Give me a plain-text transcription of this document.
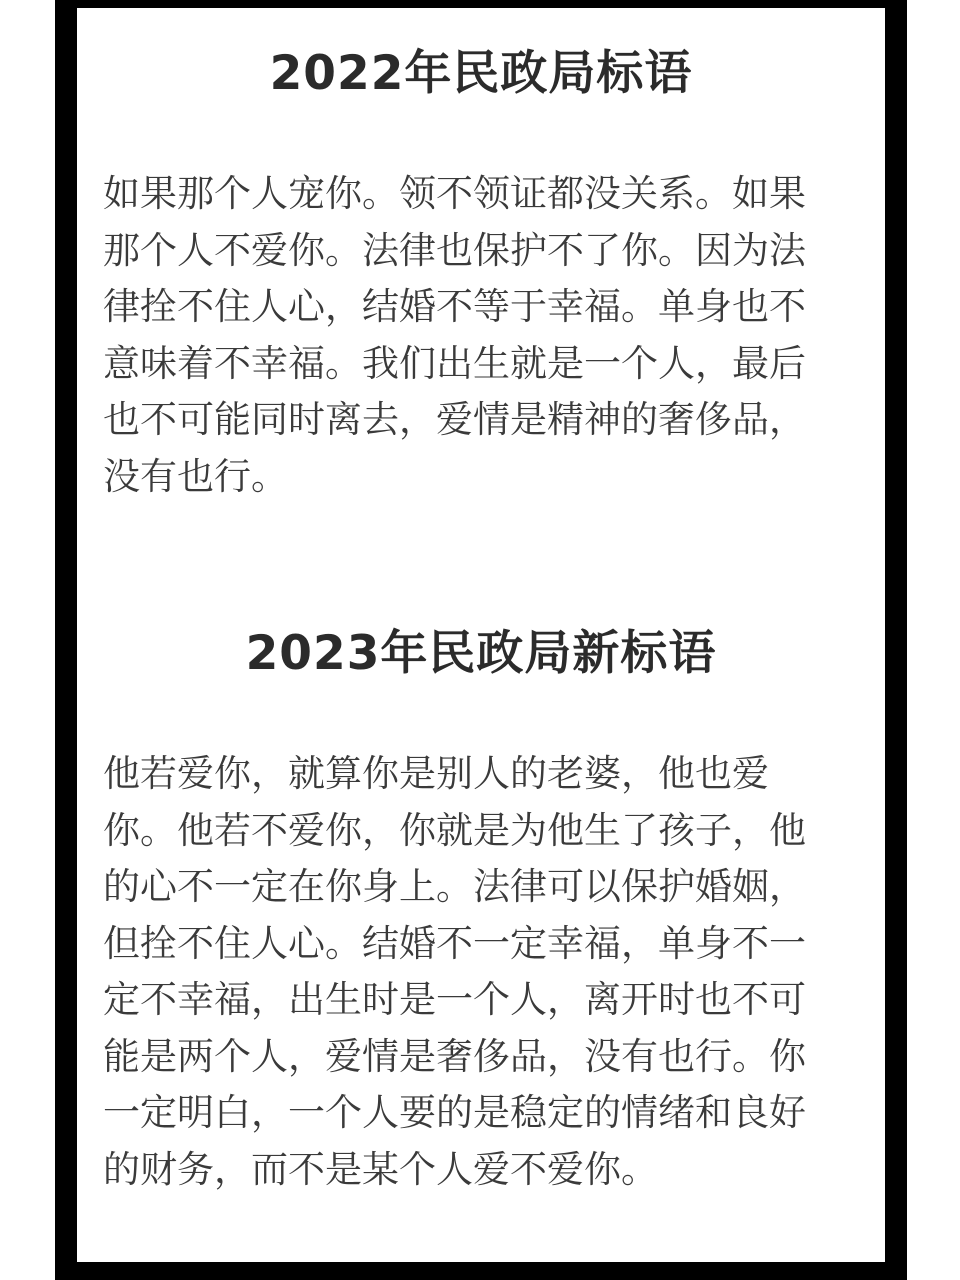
2022年民政局标语
如果那个人宠你。领不领证都没关系。如果
那个人不爱你。法律也保护不了你。因为法
律拴不住人心，结婚不等于幸福。单身也不
意味着不幸福。我们出生就是一个人，最后
也不可能同时离去，爱情是精神的奢侈品，
没有也行。
2023年民政局新标语
他若爱你，就算你是别人的老婆，他也爱
你。他若不爱你，你就是为他生了孩子，他
的心不一定在你身上。法律可以保护婚姻，
但拴不住人心。结婚不一定幸福，单身不一
定不幸福，出生时是一个人，离开时也不可
能是两个人，爱情是奢侈品，没有也行。你
一定明白，一个人要的是稳定的情绪和良好
的财务，而不是某个人爱不爱你。
